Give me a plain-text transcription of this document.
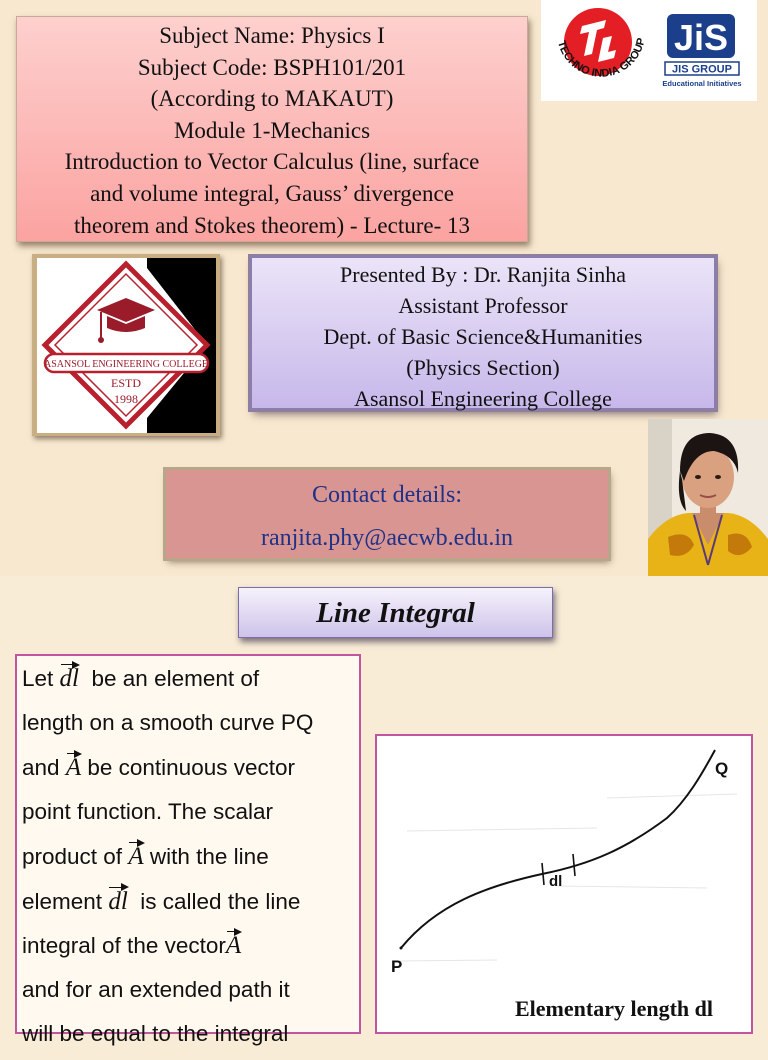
Subject Name: Physics I
Subject Code: BSPH101/201
(According to MAKAUT)
Module 1-Mechanics
Introduction to Vector Calculus (line, surface
and volume integral, Gauss’ divergence
theorem and Stokes theorem) - Lecture- 13
TECHNO INDIA GROUP JiS
JIS GROUP
Educational Initiatives
ASANSOL ENGINEERING COLLEGE
ESTD
1998
Presented By : Dr. Ranjita Sinha
Assistant Professor
Dept. of Basic Science&Humanities
(Physics Section)
Asansol Engineering College
Contact details:
ranjita.phy@aecwb.edu.in
Line Integral
Let dl be an element of
length on a smooth curve PQ
and A be continuous vector
point function. The scalar
product of A with the line
element dl is called the line
integral of the vectorA
and for an extended path it
will be equal to the integral
P
Q
dl
Elementary length dl
